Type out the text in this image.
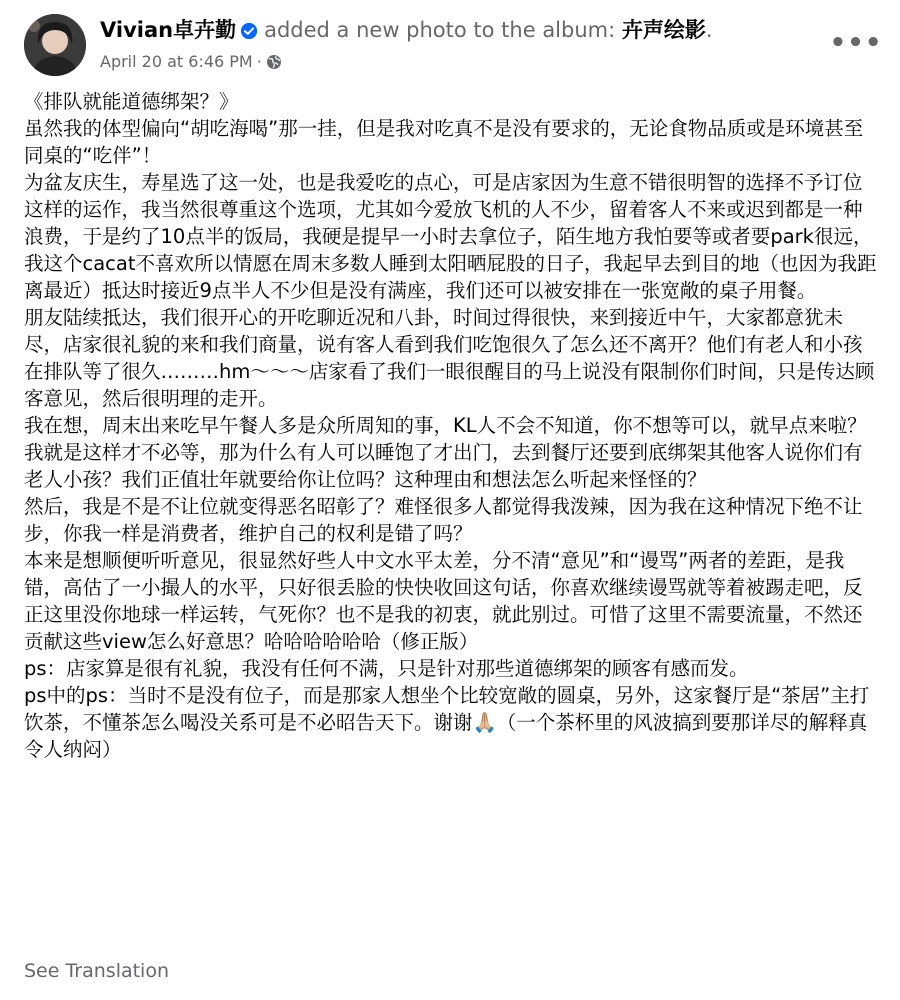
Vivian卓卉勤 added a new photo to the album: 卉声绘影.
April 20 at 6:46 PM ·
•••

《排队就能道德绑架？》

虽然我的体型偏向“胡吃海喝”那一挂，但是我对吃真不是没有要求的，无论食物品质或是环境甚至同桌的“吃伴”！

为盆友庆生，寿星选了这一处，也是我爱吃的点心，可是店家因为生意不错很明智的选择不予订位这样的运作，我当然很尊重这个选项，尤其如今爱放飞机的人不少，留着客人不来或迟到都是一种浪费，于是约了10点半的饭局，我硬是提早一小时去拿位子，陌生地方我怕要等或者要park很远，我这个cacat不喜欢所以情愿在周末多数人睡到太阳晒屁股的日子，我起早去到目的地（也因为我距离最近）抵达时接近9点半人不少但是没有满座，我们还可以被安排在一张宽敞的桌子用餐。

朋友陆续抵达，我们很开心的开吃聊近况和八卦，时间过得很快，来到接近中午，大家都意犹未尽，店家很礼貌的来和我们商量，说有客人看到我们吃饱很久了怎么还不离开？他们有老人和小孩在排队等了很久………hm～～～店家看了我们一眼很醒目的马上说没有限制你们时间，只是传达顾客意见，然后很明理的走开。

我在想，周末出来吃早午餐人多是众所周知的事，KL人不会不知道，你不想等可以，就早点来啦？我就是这样才不必等，那为什么有人可以睡饱了才出门，去到餐厅还要到底绑架其他客人说你们有老人小孩？我们正值壮年就要给你让位吗？这种理由和想法怎么听起来怪怪的？

然后，我是不是不让位就变得恶名昭彰了？难怪很多人都觉得我泼辣，因为我在这种情况下绝不让步，你我一样是消费者，维护自己的权利是错了吗？

本来是想顺便听听意见，很显然好些人中文水平太差，分不清“意见”和“谩骂”两者的差距，是我错，高估了一小撮人的水平，只好很丢脸的快快收回这句话，你喜欢继续谩骂就等着被踢走吧，反正这里没你地球一样运转，气死你？也不是我的初衷，就此别过。可惜了这里不需要流量，不然还贡献这些view怎么好意思？哈哈哈哈哈哈（修正版）

ps：店家算是很有礼貌，我没有任何不满，只是针对那些道德绑架的顾客有感而发。

ps中的ps：当时不是没有位子，而是那家人想坐个比较宽敞的圆桌，另外，这家餐厅是“茶居”主打饮茶，不懂茶怎么喝没关系可是不必昭告天下。谢谢🙏🏼（一个茶杯里的风波搞到要那详尽的解释真令人纳闷）

See Translation
